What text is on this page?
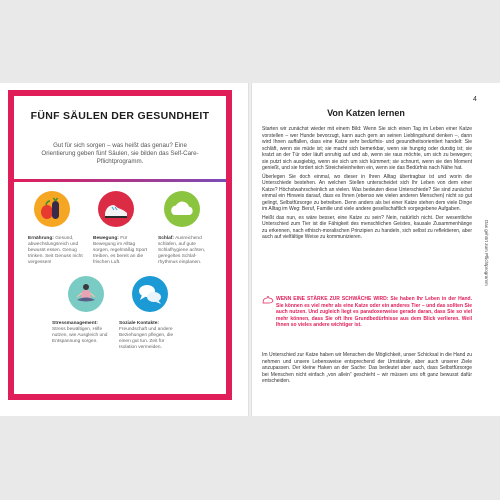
FÜNF SÄULEN DER GESUNDHEIT
Gut für sich sorgen – was heißt das genau? Eine Orientierung geben fünf Säulen, sie bilden das Self-Care-Pflichtprogramm.
Ernährung: Gesund, abwechslungsreich und bewusst essen. Genug trinken. Seit Genuss nicht vergessen!
Bewegung: Für Bewegung im Alltag sorgen, regelmäßig Sport treiben, es bereit an die frischen Luft.
Schlaf: Ausreichend schlafen, auf gute Schlafhygiene achten, geregeltes Schlaf-rhythmus einplanen.
Stressmanagement: Stress bewältigen, Hilfe nutzen, wie Ausgleich und Entspannung sorgen.
Soziale Kontakte: Freundschaft und andere Beziehungen pflegen, die einen gut tun. Zeit für Isolation vermeiden.
4
Von Katzen lernen

Starten wir zunächst wieder mit einem Bild: Wenn Sie sich einen Tag im Leben einer Katze vorstellen – wer Hunde bevorzugt, kann auch gern an seinen Lieblingshund denken –, dann wird Ihnen auffallen, dass eine Katze sehr bedürfnis- und gesundheitsorientiert handelt: Sie schläft, wenn sie müde ist; sie macht sich bemerkbar, wenn sie hungrig oder durstig ist; sie kratzt an der Tür oder läuft unruhig auf und ab, wenn sie raus möchte, um sich zu bewegen; sie putzt sich ausgiebig, wenn sie sich um sich kümmert; sie schnurrt, wenn sie den Moment genießt, und sie fordert sich Streicheleinheiten ein, wenn sie das Bedürfnis nach Nähe hat.

Überlegen Sie doch einmal, wo dieser in Ihren Alltag übertragbar ist und worin die Unterschiede bestehen. An welchen Stellen unterscheidet sich Ihr Leben von dem einer Katze? Höchstwahrscheinlich an vielen. Was bedeuten diese Unterschiede? Sie sind zunächst einmal ein Hinweis darauf, dass es Ihnen (ebenso wie vielen anderen Menschen) nicht so gut gelingt, Selbstfürsorge zu betreiben. Denn anders als bei einer Katze stehen dem viele Dinge im Alltag im Weg: Beruf, Familie und viele andere gesellschaftlich vorgegebene Aufgaben.

Heißt das nun, es wäre besser, eine Katze zu sein? Nein, natürlich nicht. Der wesentliche Unterschied zum Tier ist die Fähigkeit des menschlichen Geistes, kausale Zusammenhänge zu erkennen, nach ethisch-moralischen Prinzipien zu handeln, sich selbst zu reflektieren, aber auch auf vielfältige Weise zu kommunizieren.

WENN EINE STÄRKE ZUR SCHWÄCHE WIRD: Sie haben Ihr Leben in der Hand. Sie können es viel mehr als eine Katze oder ein anderes Tier – und das sollten Sie auch nutzen. Und zugleich liegt es paradoxerweise gerade daran, dass Sie so viel mehr können, dass Sie oft Ihre Grundbedürfnisse aus dem Blick verlieren. Weil Ihnen so vieles andere wichtiger ist.
Im Unterschied zur Katze haben wir Menschen die Möglichkeit, unser Schicksal in die Hand zu nehmen und unsere Lebensweise entsprechend der Umstände, aber auch unserer Ziele anzupassen. Der kleine Haken an der Sache: Das bedeutet aber auch, dass Selbstfürsorge bei Menschen nicht einfach „von allein“ geschieht – wir müssen uns oft ganz bewusst dafür entscheiden.
Das gehört zum Pflichtprogramm
